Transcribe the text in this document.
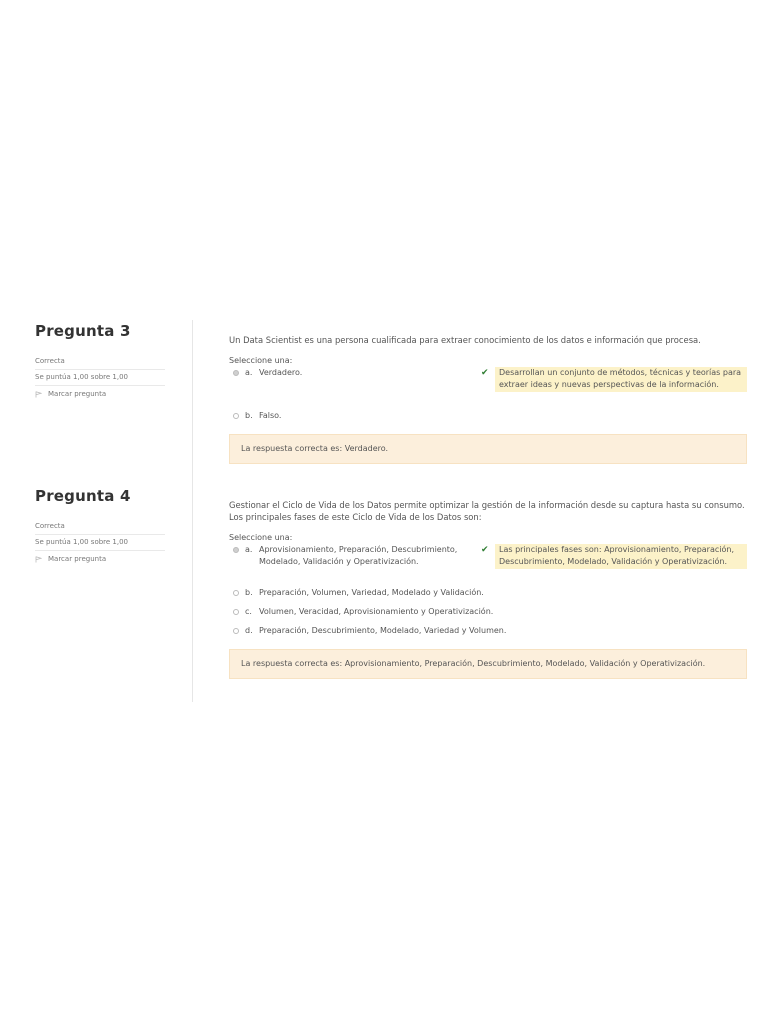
Pregunta 3
Correcta
Se puntúa 1,00 sobre 1,00
Marcar pregunta
Un Data Scientist es una persona cualificada para extraer conocimiento de los datos e información que procesa.
Seleccione una:
a. Verdadero.	✔	Desarrollan un conjunto de métodos, técnicas y teorías para extraer ideas y nuevas perspectivas de la información.
b. Falso.
La respuesta correcta es: Verdadero.
Pregunta 4
Correcta
Se puntúa 1,00 sobre 1,00
Marcar pregunta
Gestionar el Ciclo de Vida de los Datos permite optimizar la gestión de la información desde su captura hasta su consumo. Los principales fases de este Ciclo de Vida de los Datos son:
Seleccione una:
a. Aprovisionamiento, Preparación, Descubrimiento, Modelado, Validación y Operativización.
✔	Las principales fases son: Aprovisionamiento, Preparación, Descubrimiento, Modelado, Validación y Operativización.
b. Preparación, Volumen, Variedad, Modelado y Validación.
c. Volumen, Veracidad, Aprovisionamiento y Operativización.
d. Preparación, Descubrimiento, Modelado, Variedad y Volumen.
La respuesta correcta es: Aprovisionamiento, Preparación, Descubrimiento, Modelado, Validación y Operativización.
